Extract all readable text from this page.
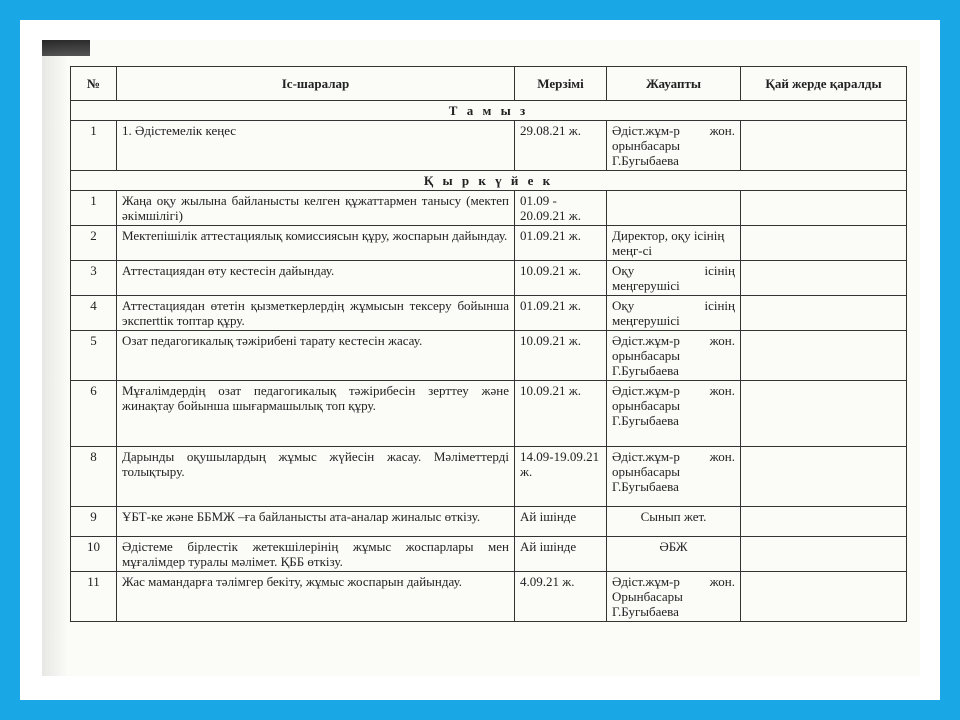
№	Іс-шаралар	Мерзімі	Жауапты	Қай жерде қаралды
Т а м ы з				
1	1. Әдістемелік кеңес	29.08.21 ж.	Әдіст.жұм-р жон.
орынбасары
Г.Бугыбаева	

Қ ы р к ү й е к				
1	Жаңа оқу жылына байланысты келген құжаттармен танысу (мектеп әкімшілігі)	01.09 - 20.09.21 ж.	

2	Мектепішілік аттестациялық комиссиясын құру, жоспарын дайындау.	01.09.21 ж.	Директор, оқу ісінің
меңг-сі	

3	Аттестациядан өту кестесін дайындау.	10.09.21 ж.	Оқу ісінің
меңгерушісі	

4	Аттестациядан өтетін қызметкерлердің жұмысын тексеру бойынша экспerttік топтар құру.	01.09.21 ж.	Оқу ісінің
меңгерушісі	

5	Озат педагогикалық тәжірибені тарату кестесін жасау.	10.09.21 ж.	Әдіст.жұм-р жон.
орынбасары
Г.Бугыбаева	

6	Мұғалімдердің озат педагогикалық тәжірибесін зерттеу және жинақтау бойынша шығармашылық топ құру.	10.09.21 ж.	Әдіст.жұм-р жон.
орынбасары
Г.Бугыбаева	

8	Дарынды оқушылардың жұмыс жүйесін жасау. Мәліметтерді толықтыру.	14.09-19.09.21 ж.	Әдіст.жұм-р жон.
орынбасары
Г.Бугыбаева	

9	ҰБТ-ке және ББМЖ –ға байланысты ата-аналар жиналыс өткізу.	Ай ішінде	Сынып жет.	

10	Әдістеме бірлестік жетекшілерінің жұмыс жоспарлары мен мұғалімдер туралы мәлімет. ҚББ өткізу.	Ай ішінде	ӘБЖ	

11	Жас мамандарға тәлімгер бекіту, жұмыс жоспарын дайындау.	4.09.21 ж.	Әдіст.жұм-р жон.
Орынбасары
Г.Бугыбаева	
